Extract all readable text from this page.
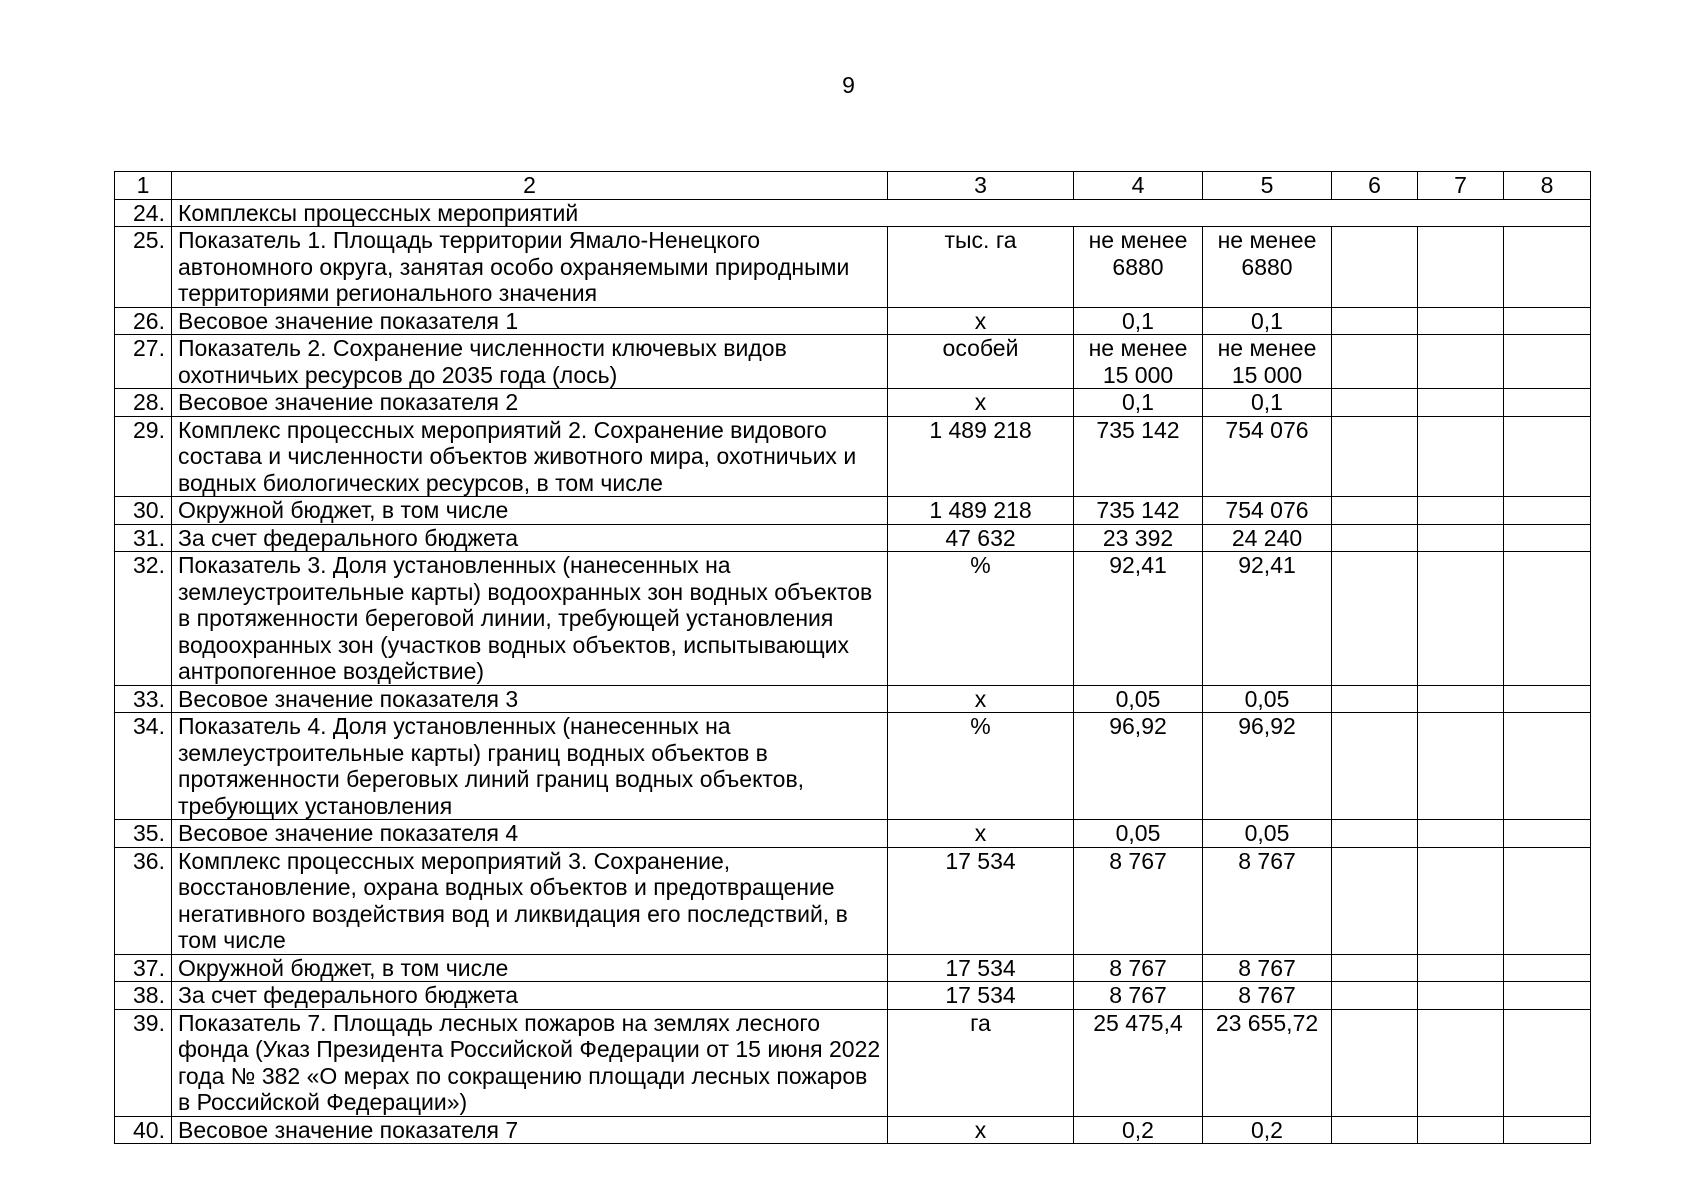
9
1	2	3	4	5	6	7	8
24.	Комплексы процессных мероприятий						
25.	Показатель 1. Площадь территории Ямало-Ненецкого автономного округа, занятая особо охраняемыми природными территориями регионального значения	тыс. га	не менее 6880	не менее 6880			
26.	Весовое значение показателя 1	х	0,1	0,1			
27.	Показатель 2. Сохранение численности ключевых видов охотничьих ресурсов до 2035 года (лось)	особей	не менее 15 000	не менее 15 000			
28.	Весовое значение показателя 2	х	0,1	0,1			
29.	Комплекс процессных мероприятий 2. Сохранение видового состава и численности объектов животного мира, охотничьих и водных биологических ресурсов, в том числе	1 489 218	735 142	754 076			
30.	Окружной бюджет, в том числе	1 489 218	735 142	754 076			
31.	За счет федерального бюджета	47 632	23 392	24 240			
32.	Показатель 3. Доля установленных (нанесенных на землеустроительные карты) водоохранных зон водных объектов в протяженности береговой линии, требующей установления водоохранных зон (участков водных объектов, испытывающих антропогенное воздействие)	%	92,41	92,41			
33.	Весовое значение показателя 3	х	0,05	0,05			
34.	Показатель 4. Доля установленных (нанесенных на землеустроительные карты) границ водных объектов в протяженности береговых линий границ водных объектов, требующих установления	%	96,92	96,92			
35.	Весовое значение показателя 4	х	0,05	0,05			
36.	Комплекс процессных мероприятий 3. Сохранение, восстановление, охрана водных объектов и предотвращение негативного воздействия вод и ликвидация его последствий, в том числе	17 534	8 767	8 767			
37.	Окружной бюджет, в том числе	17 534	8 767	8 767			
38.	За счет федерального бюджета	17 534	8 767	8 767			
39.	Показатель 7. Площадь лесных пожаров на землях лесного фонда (Указ Президента Российской Федерации от 15 июня 2022 года № 382 «О мерах по сокращению площади лесных пожаров в Российской Федерации»)	га	25 475,4	23 655,72			
40.	Весовое значение показателя 7	х	0,2	0,2			
